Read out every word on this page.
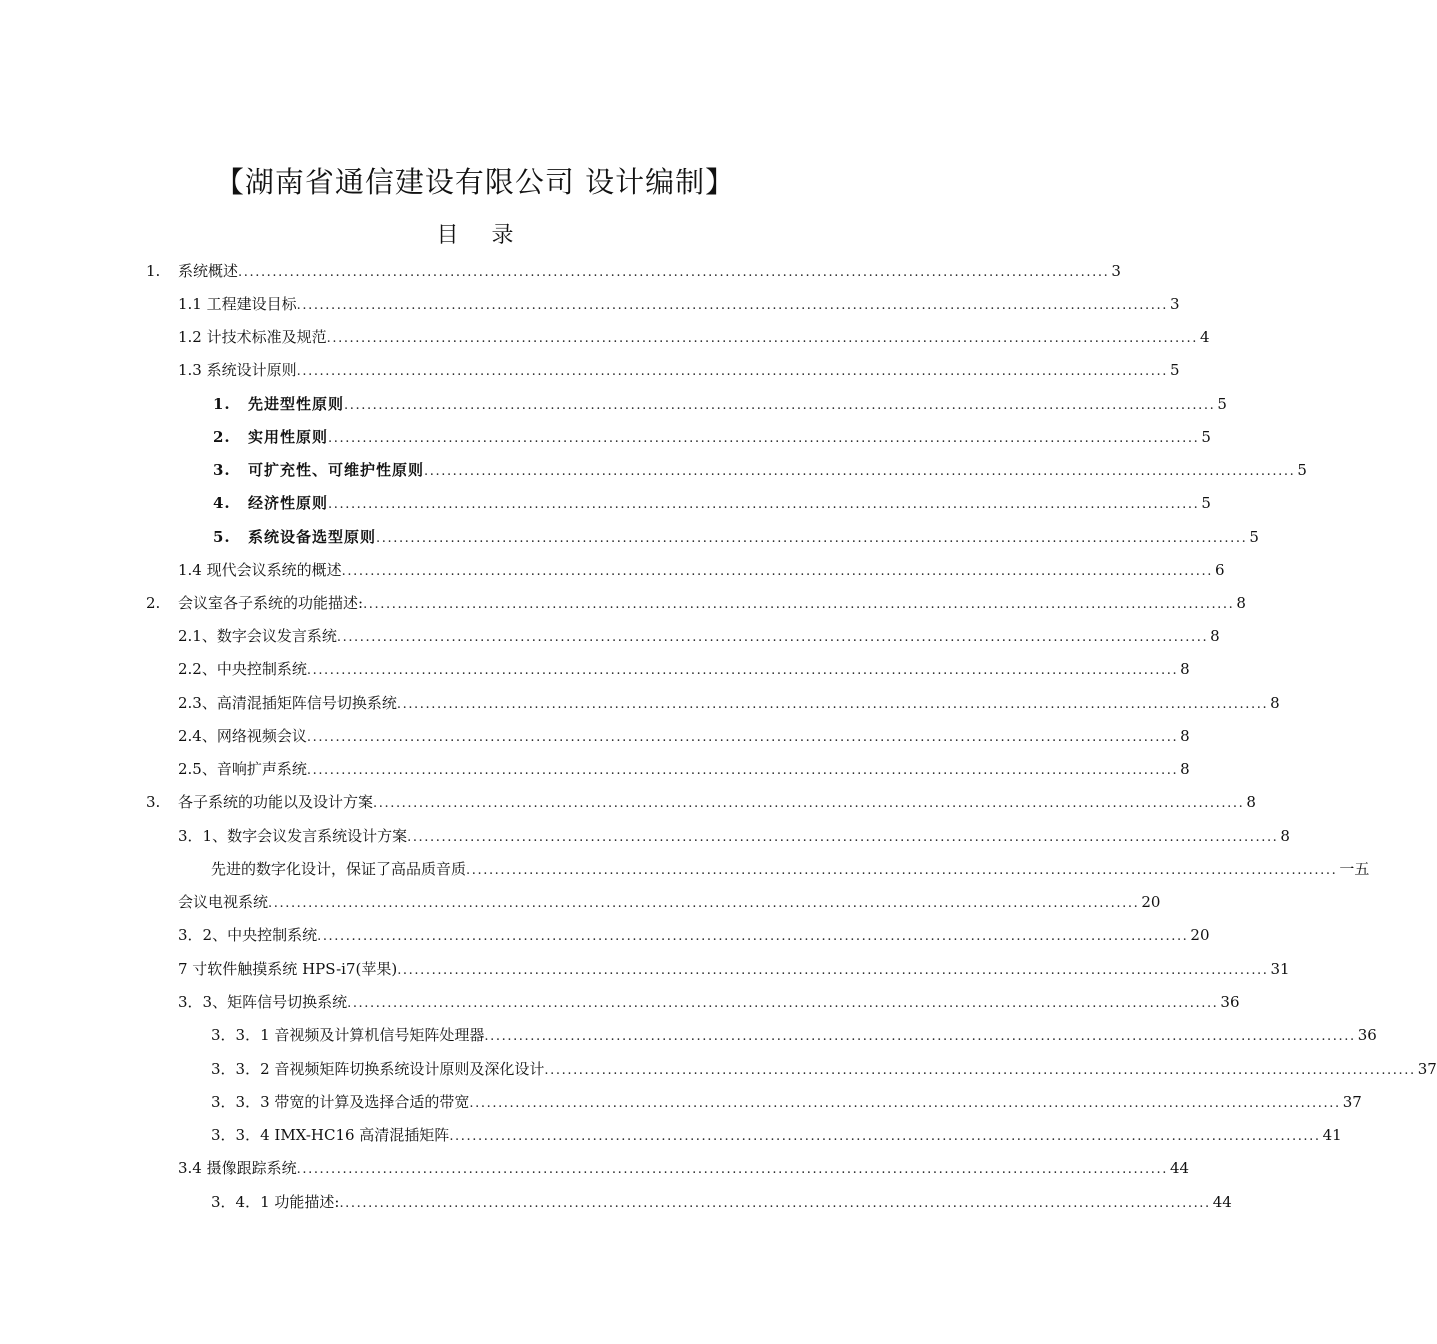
【湖南省通信建设有限公司 设计编制】
目 录
1.	系统概述 ........................................................................................................................................................ 3
1.1 工程建设目标 ........................................................................................................................................................ 3
1.2 计技术标准及规范 ........................................................................................................................................................ 4
1.3 系统设计原则 ........................................................................................................................................................ 5
1.	先进型性原则 ........................................................................................................................................................ 5
2.	实用性原则 ........................................................................................................................................................ 5
3.	可扩充性、可维护性原则 ........................................................................................................................................................ 5
4.	经济性原则 ........................................................................................................................................................ 5
5.	系统设备选型原则 ........................................................................................................................................................ 5
1.4 现代会议系统的概述 ........................................................................................................................................................ 6
2.	会议室各子系统的功能描述: ........................................................................................................................................................ 8
2.1、数字会议发言系统 ........................................................................................................................................................ 8
2.2、中央控制系统 ........................................................................................................................................................ 8
2.3、高清混插矩阵信号切换系统 ........................................................................................................................................................ 8
2.4、网络视频会议 ........................................................................................................................................................ 8
2.5、音响扩声系统 ........................................................................................................................................................ 8
3.	各子系统的功能以及设计方案 ........................................................................................................................................................ 8
3．1、数字会议发言系统设计方案 ........................................................................................................................................................ 8
先进的数字化设计，保证了高品质音质 ........................................................................................................................................................ 一五
会议电视系统 ........................................................................................................................................................ 20
3．2、中央控制系统 ........................................................................................................................................................ 20
7 寸软件触摸系统 HPS-i7(苹果) ........................................................................................................................................................ 31
3．3、矩阵信号切换系统 ........................................................................................................................................................ 36
3．3．1 音视频及计算机信号矩阵处理器 ........................................................................................................................................................ 36
3．3．2 音视频矩阵切换系统设计原则及深化设计 ........................................................................................................................................................ 37
3．3．3 带宽的计算及选择合适的带宽 ........................................................................................................................................................ 37
3．3．4 IMX-HC16 高清混插矩阵 ........................................................................................................................................................ 41
3.4 摄像跟踪系统 ........................................................................................................................................................ 44
3．4．1 功能描述: ........................................................................................................................................................ 44
